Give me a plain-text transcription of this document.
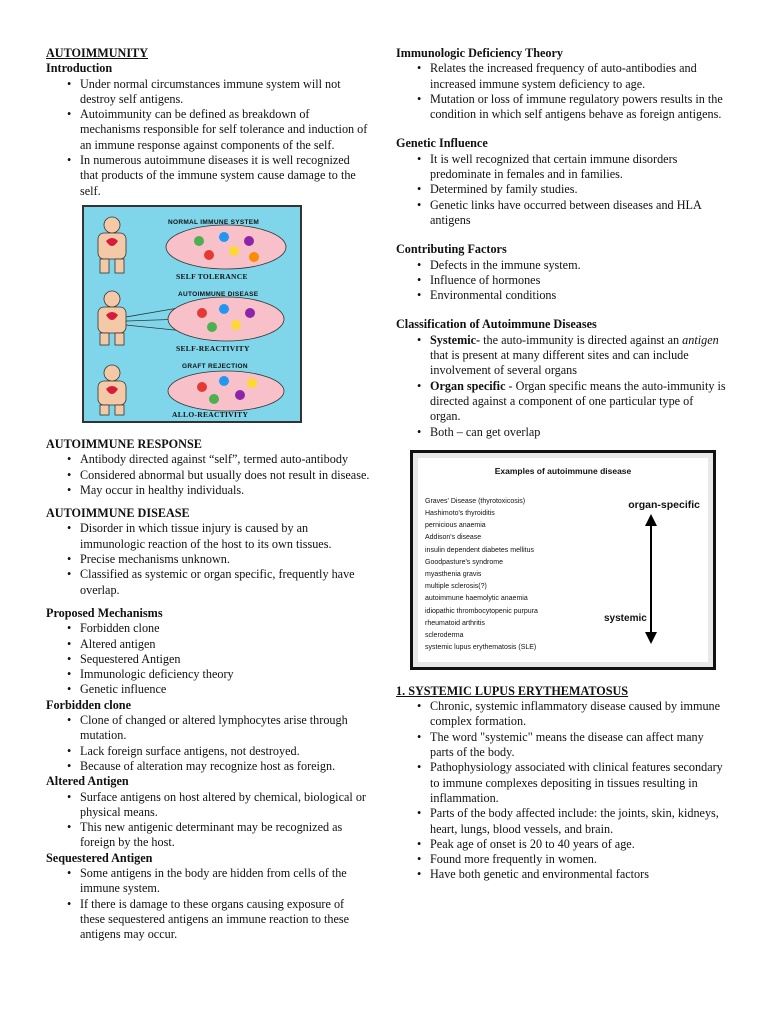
AUTOIMMUNITY

Introduction

• Under normal circumstances immune system will not destroy self antigens.
• Autoimmunity can be defined as breakdown of mechanisms responsible for self tolerance and induction of an immune response against components of the self.
• In numerous autoimmune diseases it is well recognized that products of the immune system cause damage to the self.
NORMAL IMMUNE SYSTEM
SELF TOLERANCE
AUTOIMMUNE DISEASE
SELF-REACTIVITY
GRAFT REJECTION
ALLO-REACTIVITY

AUTOIMMUNE RESPONSE

• Antibody directed against “self”, termed auto-antibody
• Considered abnormal but usually does not result in disease.
• May occur in healthy individuals.

AUTOIMMUNE DISEASE

• Disorder in which tissue injury is caused by an immunologic reaction of the host to its own tissues.
• Precise mechanisms unknown.
• Classified as systemic or organ specific, frequently have overlap.

Proposed Mechanisms

• Forbidden clone
• Altered antigen
• Sequestered Antigen
• Immunologic deficiency theory
• Genetic influence

Forbidden clone

• Clone of changed or altered lymphocytes arise through mutation.
• Lack foreign surface antigens, not destroyed.
• Because of alteration may recognize host as foreign.

Altered Antigen

• Surface antigens on host altered by chemical, biological or physical means.
• This new antigenic determinant may be recognized as foreign by the host.

Sequestered Antigen

• Some antigens in the body are hidden from cells of the immune system.
• If there is damage to these organs causing exposure of these sequestered antigens an immune reaction to these antigens may occur.

Immunologic Deficiency Theory

• Relates the increased frequency of auto-antibodies and increased immune system deficiency to age.
• Mutation or loss of immune regulatory powers results in the condition in which self antigens behave as foreign antigens.

Genetic Influence

• It is well recognized that certain immune disorders predominate in females and in families.
• Determined by family studies.
• Genetic links have occurred between diseases and HLA antigens

Contributing Factors

• Defects in the immune system.
• Influence of hormones
• Environmental conditions

Classification of Autoimmune Diseases

• Systemic- the auto-immunity is directed against an antigen that is present at many different sites and can include involvement of several organs
• Organ specific - Organ specific means the auto-immunity is directed against a component of one particular type of organ.
• Both – can get overlap
Examples of autoimmune disease
Graves' Disease (thyrotoxicosis)
Hashimoto's thyroiditis
pernicious anaemia
Addison's disease
insulin dependent diabetes mellitus
Goodpasture's syndrome
myasthenia gravis
multiple sclerosis(?)
autoimmune haemolytic anaemia
idiopathic thrombocytopenic purpura
rheumatoid arthritis
scleroderma
systemic lupus erythematosis (SLE)
organ-specific
systemic

1. SYSTEMIC LUPUS ERYTHEMATOSUS

• Chronic, systemic inflammatory disease caused by immune complex formation.
• The word "systemic" means the disease can affect many parts of the body.
• Pathophysiology associated with clinical features secondary to immune complexes depositing in tissues resulting in inflammation.
• Parts of the body affected include: the joints, skin, kidneys, heart, lungs, blood vessels, and brain.
• Peak age of onset is 20 to 40 years of age.
• Found more frequently in women.
• Have both genetic and environmental factors
